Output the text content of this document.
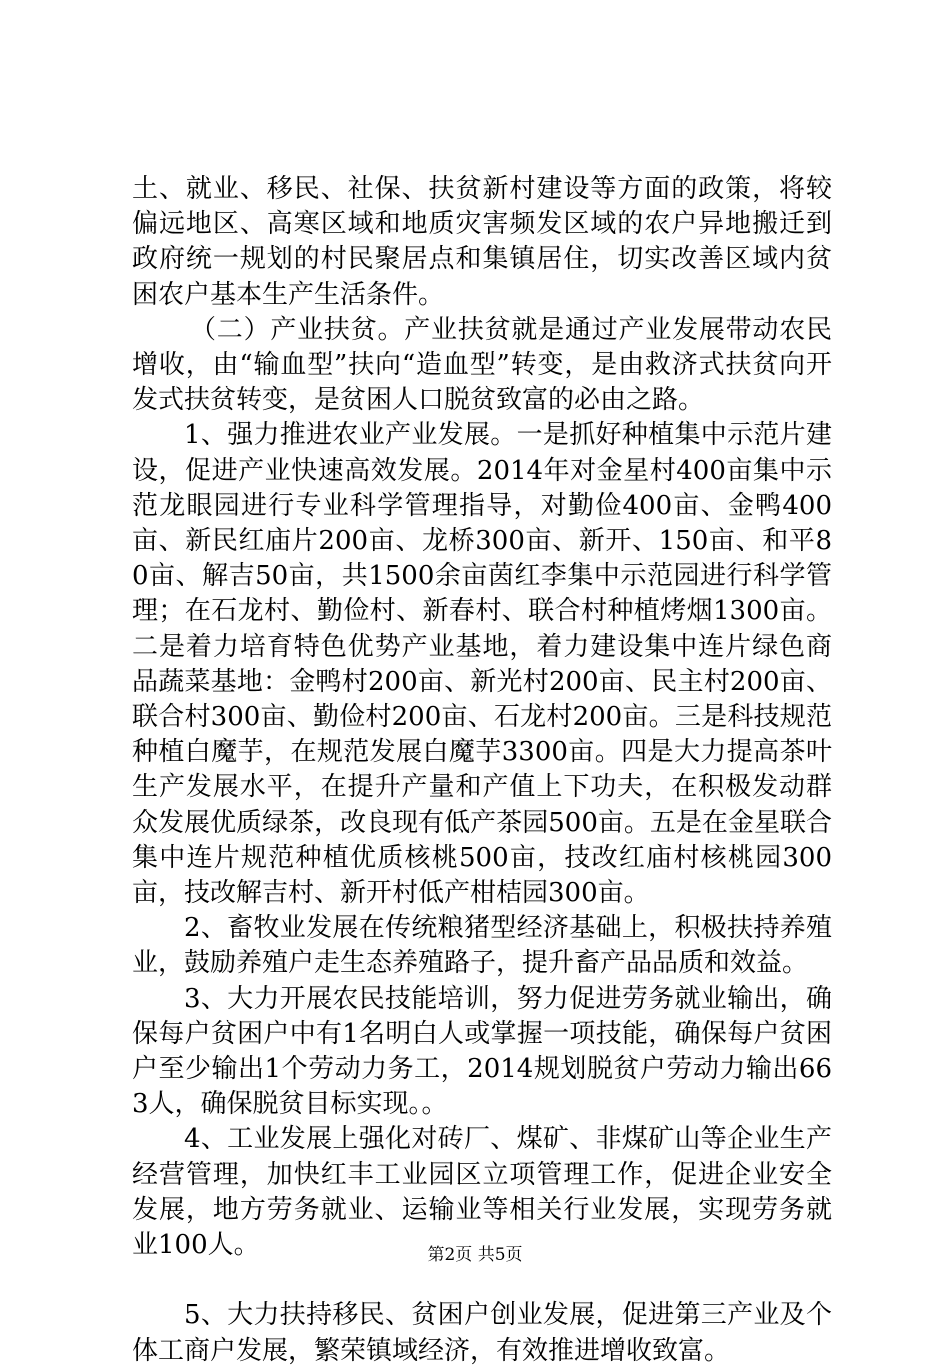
土、就业、移民、社保、扶贫新村建设等方面的政策，将较偏远地区、高寒区域和地质灾害频发区域的农户异地搬迁到政府统一规划的村民聚居点和集镇居住，切实改善区域内贫困农户基本生产生活条件。

（二）产业扶贫。产业扶贫就是通过产业发展带动农民增收，由“输血型”扶向“造血型”转变，是由救济式扶贫向开发式扶贫转变，是贫困人口脱贫致富的必由之路。

1、强力推进农业产业发展。一是抓好种植集中示范片建设，促进产业快速高效发展。2014年对金星村400亩集中示范龙眼园进行专业科学管理指导，对勤俭400亩、金鸭400亩、新民红庙片200亩、龙桥300亩、新开、150亩、和平80亩、解吉50亩，共1500余亩茵红李集中示范园进行科学管理；在石龙村、勤俭村、新春村、联合村种植烤烟1300亩。二是着力培育特色优势产业基地，着力建设集中连片绿色商品蔬菜基地：金鸭村200亩、新光村200亩、民主村200亩、联合村300亩、勤俭村200亩、石龙村200亩。三是科技规范种植白魔芋，在规范发展白魔芋3300亩。四是大力提高茶叶生产发展水平，在提升产量和产值上下功夫，在积极发动群众发展优质绿茶，改良现有低产茶园500亩。五是在金星联合集中连片规范种植优质核桃500亩，技改红庙村核桃园300亩，技改解吉村、新开村低产柑桔园300亩。

2、畜牧业发展在传统粮猪型经济基础上，积极扶持养殖业，鼓励养殖户走生态养殖路子，提升畜产品品质和效益。

3、大力开展农民技能培训，努力促进劳务就业输出，确保每户贫困户中有1名明白人或掌握一项技能，确保每户贫困户至少输出1个劳动力务工，2014规划脱贫户劳动力输出663人，确保脱贫目标实现。。

4、工业发展上强化对砖厂、煤矿、非煤矿山等企业生产经营管理，加快红丰工业园区立项管理工作，促进企业安全发展，地方劳务就业、运输业等相关行业发展，实现劳务就业100人。

5、大力扶持移民、贫困户创业发展，促进第三产业及个体工商户发展，繁荣镇域经济，有效推进增收致富。

第2页 共5页
